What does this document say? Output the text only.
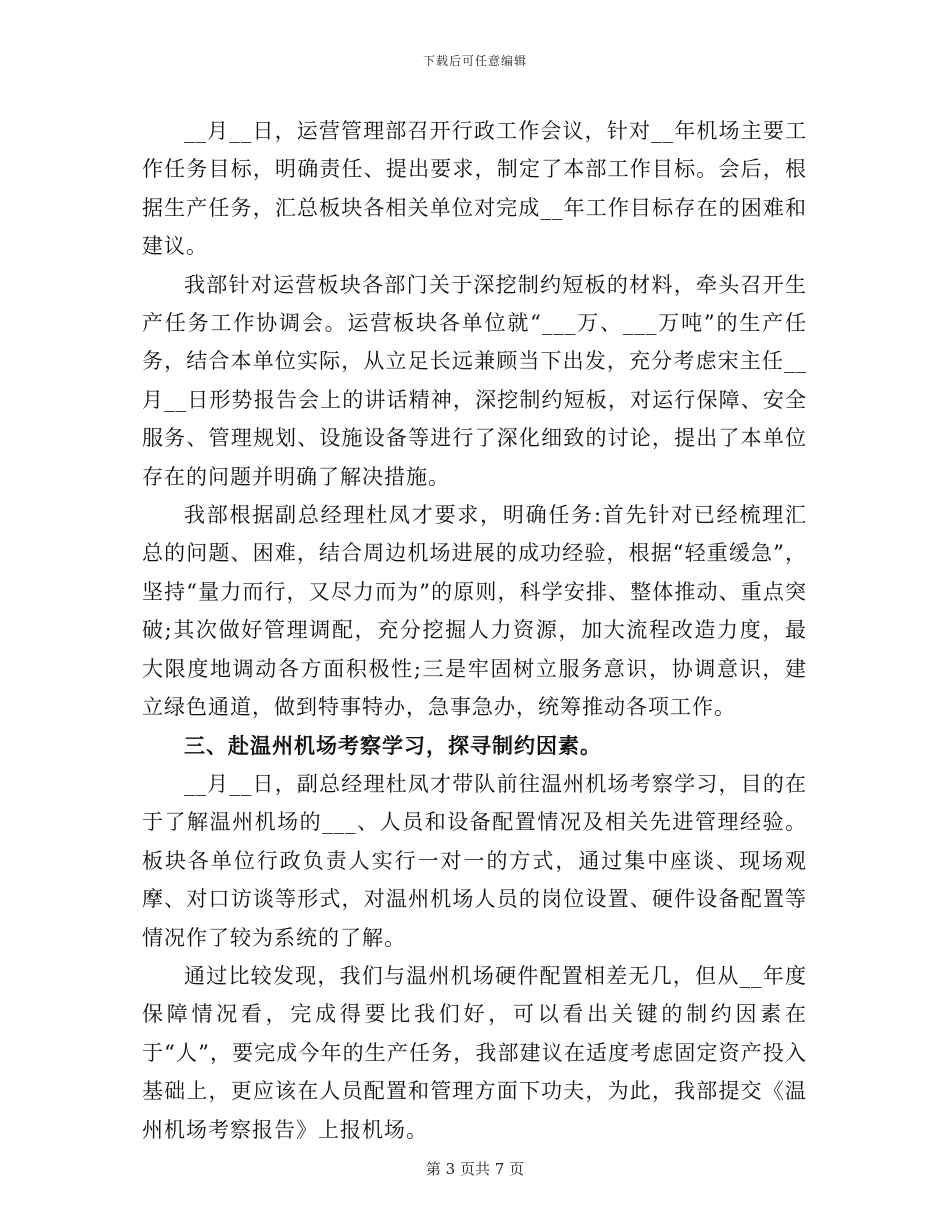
下载后可任意编辑

__月__日，运营管理部召开行政工作会议，针对__年机场主要工作任务目标，明确责任、提出要求，制定了本部工作目标。会后，根据生产任务，汇总板块各相关单位对完成__年工作目标存在的困难和建议。

我部针对运营板块各部门关于深挖制约短板的材料，牵头召开生产任务工作协调会。运营板块各单位就“___万、___万吨”的生产任务，结合本单位实际，从立足长远兼顾当下出发，充分考虑宋主任__月__日形势报告会上的讲话精神，深挖制约短板，对运行保障、安全服务、管理规划、设施设备等进行了深化细致的讨论，提出了本单位存在的问题并明确了解决措施。

我部根据副总经理杜凤才要求，明确任务:首先针对已经梳理汇总的问题、困难，结合周边机场进展的成功经验，根据“轻重缓急”，坚持“量力而行，又尽力而为”的原则，科学安排、整体推动、重点突破;其次做好管理调配，充分挖掘人力资源，加大流程改造力度，最大限度地调动各方面积极性;三是牢固树立服务意识，协调意识，建立绿色通道，做到特事特办，急事急办，统筹推动各项工作。

三、赴温州机场考察学习，探寻制约因素。

__月__日，副总经理杜凤才带队前往温州机场考察学习，目的在于了解温州机场的___、人员和设备配置情况及相关先进管理经验。板块各单位行政负责人实行一对一的方式，通过集中座谈、现场观摩、对口访谈等形式，对温州机场人员的岗位设置、硬件设备配置等情况作了较为系统的了解。

通过比较发现，我们与温州机场硬件配置相差无几，但从__年度保障情况看，完成得要比我们好，可以看出关键的制约因素在于“人”，要完成今年的生产任务，我部建议在适度考虑固定资产投入基础上，更应该在人员配置和管理方面下功夫，为此，我部提交《温州机场考察报告》上报机场。

第 3 页共 7 页
